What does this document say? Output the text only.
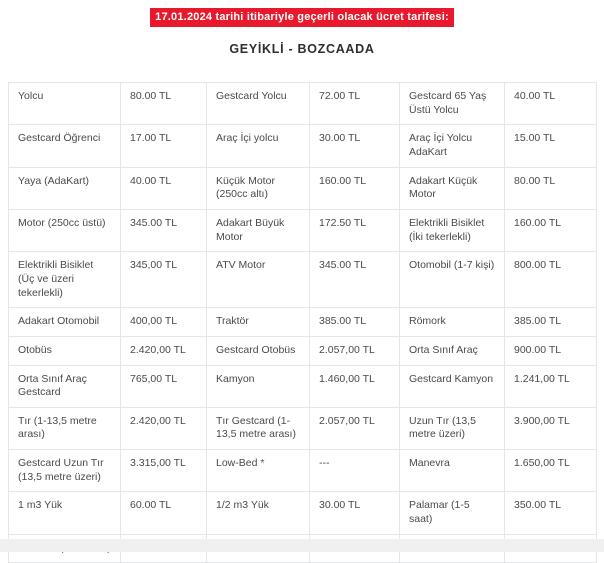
17.01.2024 tarihi itibariyle geçerli olacak ücret tarifesi:
GEYİKLİ - BOZCAADA
Yolcu	80.00 TL	Gestcard Yolcu	72.00 TL	Gestcard 65 Yaş Üstü Yolcu	40.00 TL
Gestcard Öğrenci	17.00 TL	Araç İçi yolcu	30.00 TL	Araç İçi Yolcu AdaKart	15.00 TL
Yaya (AdaKart)	40.00 TL	Küçük Motor (250cc altı)	160.00 TL	Adakart Küçük Motor	80.00 TL
Motor (250cc üstü)	345.00 TL	Adakart Büyük Motor	172.50 TL	Elektrikli Bisiklet (İki tekerlekli)	160.00 TL
Elektrikli Bisiklet (Üç ve üzeri tekerlekli)	345,00 TL	ATV Motor	345.00 TL	Otomobil (1-7 kişi)	800.00 TL
Adakart Otomobil	400,00 TL	Traktör	385.00 TL	Römork	385.00 TL
Otobüs	2.420,00 TL	Gestcard Otobüs	2.057,00 TL	Orta Sınıf Araç	900.00 TL
Orta Sınıf Araç Gestcard	765,00 TL	Kamyon	1.460,00 TL	Gestcard Kamyon	1.241,00 TL
Tır (1-13,5 metre arası)	2.420,00 TL	Tır Gestcard (1-13,5 metre arası)	2.057,00 TL	Uzun Tır (13,5 metre üzeri)	3.900,00 TL
Gestcard Uzun Tır (13,5 metre üzeri)	3.315,00 TL	Low-Bed *	---	Manevra	1.650,00 TL
1 m3 Yük	60.00 TL	1/2 m3 Yük	30.00 TL	Palamar (1-5 saat)	350.00 TL
